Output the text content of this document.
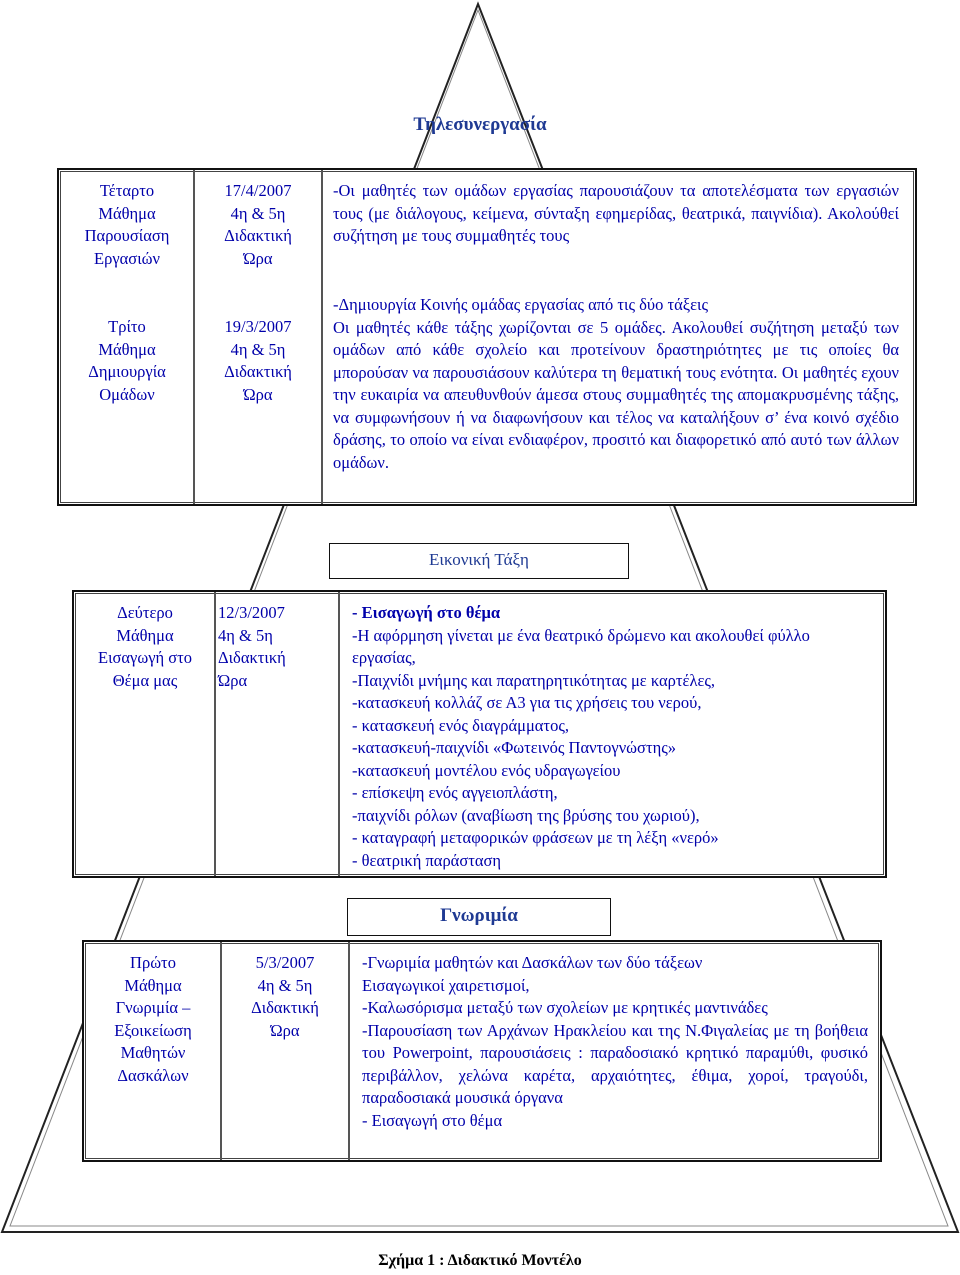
Τηλεσυνεργασία
Τέταρτο
Μάθημα
Παρουσίαση
Εργασιών
17/4/2007
4η & 5η
Διδακτική
Ώρα
-Οι μαθητές των ομάδων εργασίας παρουσιάζουν τα αποτελέσματα των εργασιών τους (με διάλογους, κείμενα, σύνταξη εφημερίδας, θεατρικά, παιγνίδια). Ακολούθεί συζήτηση με τους συμμαθητές τους
Τρίτο
Μάθημα
Δημιουργία
Ομάδων
19/3/2007
4η & 5η
Διδακτική
Ώρα
-Δημιουργία Κοινής ομάδας εργασίας από τις δύο τάξεις
Οι μαθητές κάθε τάξης χωρίζονται σε 5 ομάδες. Ακολουθεί συζήτηση μεταξύ των ομάδων από κάθε σχολείο και προτείνουν δραστηριότητες με τις οποίες θα μπορούσαν να παρουσιάσουν καλύτερα τη θεματική τους ενότητα. Οι μαθητές εχουν την ευκαιρία να απευθυνθούν άμεσα στους συμμαθητές της απομακρυσμένης τάξης, να συμφωνήσουν ή να διαφωνήσουν και τέλος να καταλήξουν σ’ ένα κοινό σχέδιο δράσης, το οποίο να είναι ενδιαφέρον, προσιτό και διαφορετικό από αυτό των άλλων ομάδων.
Εικονική Τάξη
Δεύτερο
Μάθημα
Εισαγωγή στο
Θέμα μας
12/3/2007
4η & 5η
Διδακτική
Ώρα
- Εισαγωγή στο θέμα
-Η αφόρμηση γίνεται με ένα θεατρικό δρώμενο και ακολουθεί φύλλο εργασίας,
-Παιχνίδι μνήμης και παρατηρητικότητας με καρτέλες,
-κατασκευή κολλάζ σε Α3 για τις χρήσεις του νερού,
- κατασκευή ενός διαγράμματος,
-κατασκευή-παιχνίδι «Φωτεινός Παντογνώστης»
-κατασκευή μοντέλου ενός υδραγωγείου
- επίσκεψη ενός αγγειοπλάστη,
-παιχνίδι ρόλων (αναβίωση της βρύσης του χωριού),
- καταγραφή μεταφορικών φράσεων με τη λέξη «νερό»
- θεατρική παράσταση
Γνωριμία
Πρώτο
Μάθημα
Γνωριμία –
Εξοικείωση
Μαθητών
Δασκάλων
5/3/2007
4η & 5η
Διδακτική
Ώρα
-Γνωριμία μαθητών και Δασκάλων των δύο τάξεων
Εισαγωγικοί χαιρετισμοί,
-Καλωσόρισμα μεταξύ των σχολείων με κρητικές μαντινάδες
-Παρουσίαση των Αρχάνων Ηρακλείου και της Ν.Φιγαλείας με τη βοήθεια του Powerpoint, παρουσιάσεις : παραδοσιακό κρητικό παραμύθι, φυσικό περιβάλλον, χελώνα καρέτα, αρχαιότητες, έθιμα, χοροί, τραγούδι, παραδοσιακά μουσικά όργανα
- Εισαγωγή στο θέμα
Σχήμα 1 : Διδακτικό Μοντέλο
